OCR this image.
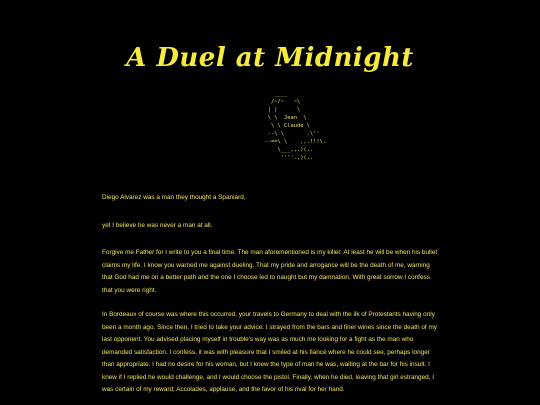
A Duel at Midnight
____
/~/~   ~\
| |      \
\ \  Jean  \
\ \ Claude \
--\ \       .\''
--==\ \    ,,.!!!\.
\___,,.)(,.
''''.,)(,.

Diego Alvarez was a man they thought a Spaniard,

yet I believe he was never a man at all.

Forgive me Father for I write to you a final time. The man aforementioned is my killer. At least he will be when his bullet claims my life. I know you warned me against dueling. That my pride and arrogance will be the death of me, warning that God had me on a better path and the one I choose led to naught but my damnation. With great sorrow I confess that you were right.

In Bordeaux of course was where this occurred, your travels to Germany to deal with the ilk of Protestants having only been a month ago. Since then, I tried to take your advice. I strayed from the bars and finer wines since the death of my last opponent. You advised placing myself in trouble's way was as much me looking for a fight as the man who demanded satisfaction. I confess, it was with pleasure that I smiled at his fiancé where he could see, perhaps longer than appropriate. I had no desire for his woman, but I knew the type of man he was, waiting at the bar for his insult. I knew if I replied he would challenge, and I would choose the pistol. Finally, when he died, leaving that girl estranged, I was certain of my reward; Accolades, applause, and the favor of his rival for her hand.
